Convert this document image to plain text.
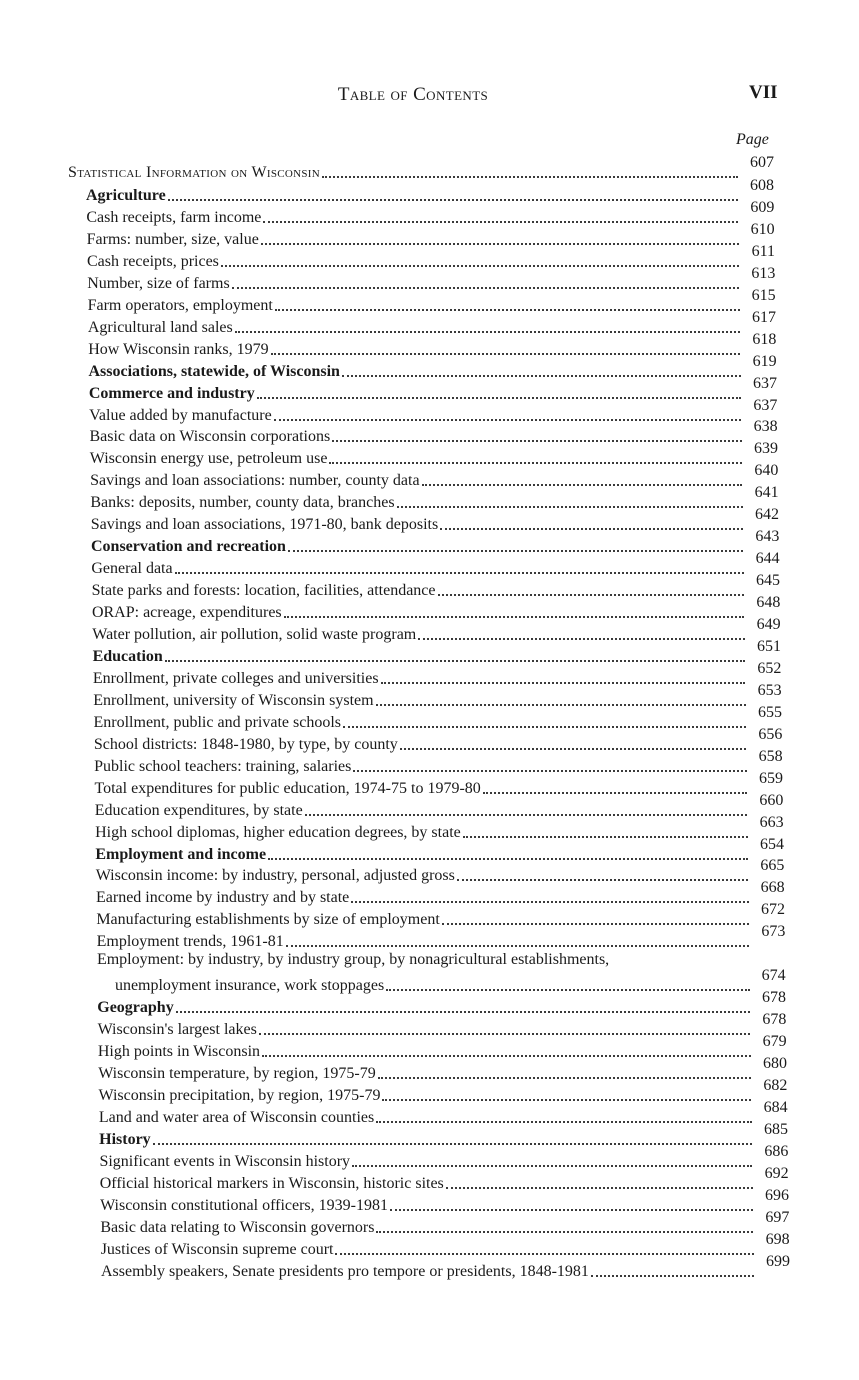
Table of Contents	VII
Page
Statistical Information on Wisconsin
607
Agriculture
608
Cash receipts, farm income
609
Farms: number, size, value
610
Cash receipts, prices
611
Number, size of farms
613
Farm operators, employment
615
Agricultural land sales
617
How Wisconsin ranks, 1979
618
Associations, statewide, of Wisconsin
619
Commerce and industry
637
Value added by manufacture
637
Basic data on Wisconsin corporations
638
Wisconsin energy use, petroleum use
639
Savings and loan associations: number, county data
640
Banks: deposits, number, county data, branches
641
Savings and loan associations, 1971-80, bank deposits
642
Conservation and recreation
643
General data
644
State parks and forests: location, facilities, attendance
645
ORAP: acreage, expenditures
648
Water pollution, air pollution, solid waste program
649
Education
651
Enrollment, private colleges and universities
652
Enrollment, university of Wisconsin system
653
Enrollment, public and private schools
655
School districts: 1848-1980, by type, by county
656
Public school teachers: training, salaries
658
Total expenditures for public education, 1974-75 to 1979-80
659
Education expenditures, by state
660
High school diplomas, higher education degrees, by state
663
Employment and income
654
Wisconsin income: by industry, personal, adjusted gross
665
Earned income by industry and by state
668
Manufacturing establishments by size of employment
672
Employment trends, 1961-81
673
Employment: by industry, by industry group, by nonagricultural establishments,
unemployment insurance, work stoppages
674
Geography
678
Wisconsin's largest lakes
678
High points in Wisconsin
679
Wisconsin temperature, by region, 1975-79
680
Wisconsin precipitation, by region, 1975-79
682
Land and water area of Wisconsin counties
684
History
685
Significant events in Wisconsin history
686
Official historical markers in Wisconsin, historic sites
692
Wisconsin constitutional officers, 1939-1981
696
Basic data relating to Wisconsin governors
697
Justices of Wisconsin supreme court
698
Assembly speakers, Senate presidents pro tempore or presidents, 1848-1981
699
